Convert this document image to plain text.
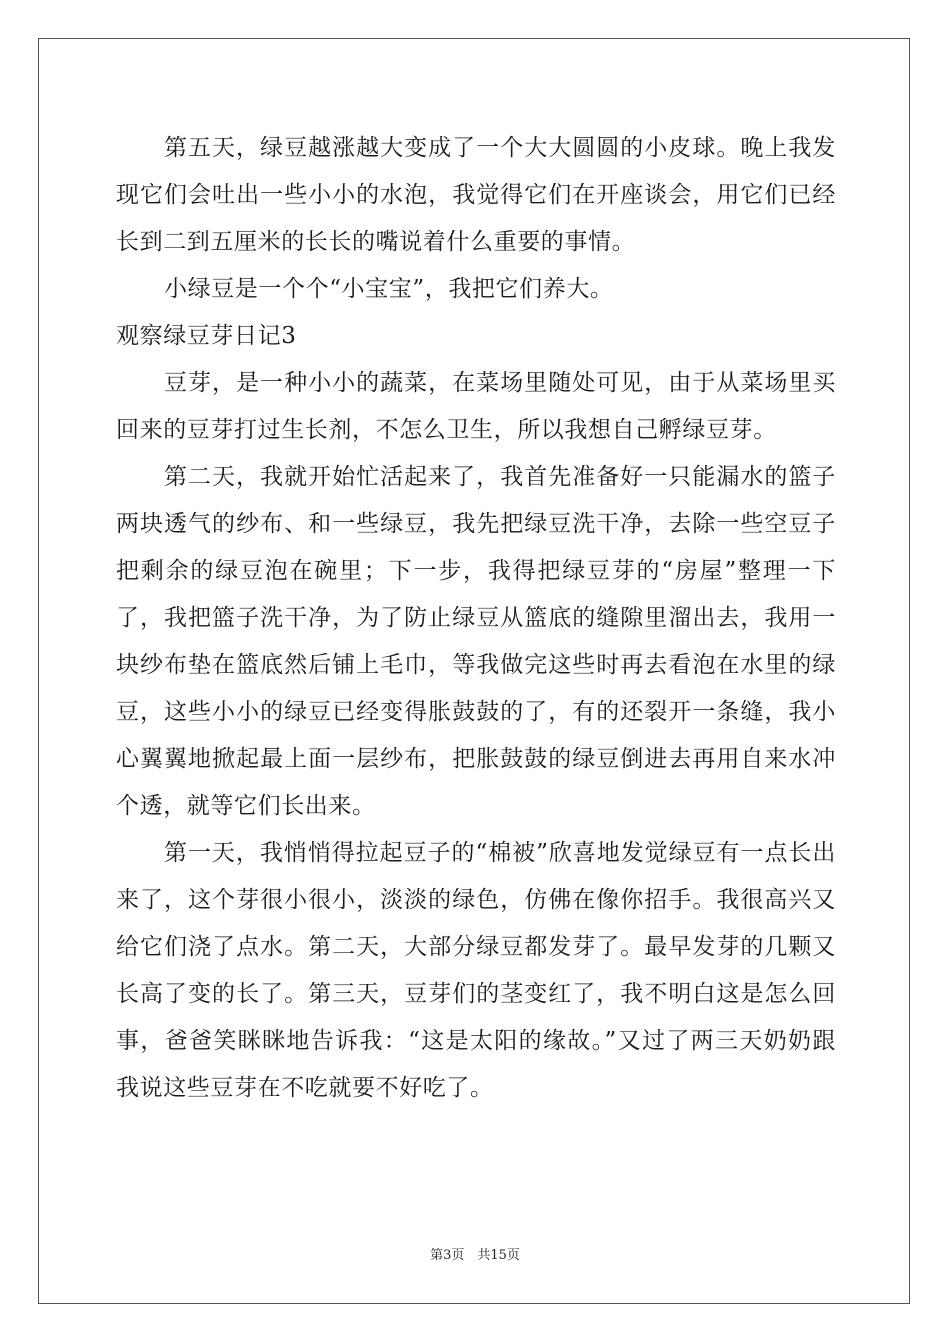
第五天，绿豆越涨越大变成了一个大大圆圆的小皮球。晚上我发现它们会吐出一些小小的水泡，我觉得它们在开座谈会，用它们已经长到二到五厘米的长长的嘴说着什么重要的事情。

小绿豆是一个个“小宝宝”，我把它们养大。

观察绿豆芽日记3

豆芽，是一种小小的蔬菜，在菜场里随处可见，由于从菜场里买回来的豆芽打过生长剂，不怎么卫生，所以我想自己孵绿豆芽。

第二天，我就开始忙活起来了，我首先准备好一只能漏水的篮子两块透气的纱布、和一些绿豆，我先把绿豆洗干净，去除一些空豆子把剩余的绿豆泡在碗里；下一步，我得把绿豆芽的“房屋”整理一下了，我把篮子洗干净，为了防止绿豆从篮底的缝隙里溜出去，我用一块纱布垫在篮底然后铺上毛巾，等我做完这些时再去看泡在水里的绿豆，这些小小的绿豆已经变得胀鼓鼓的了，有的还裂开一条缝，我小心翼翼地掀起最上面一层纱布，把胀鼓鼓的绿豆倒进去再用自来水冲个透，就等它们长出来。

第一天，我悄悄得拉起豆子的“棉被”欣喜地发觉绿豆有一点长出来了，这个芽很小很小，淡淡的绿色，仿佛在像你招手。我很高兴又给它们浇了点水。第二天，大部分绿豆都发芽了。最早发芽的几颗又长高了变的长了。第三天，豆芽们的茎变红了，我不明白这是怎么回事，爸爸笑眯眯地告诉我：“这是太阳的缘故。”又过了两三天奶奶跟我说这些豆芽在不吃就要不好吃了。

第3页　共15页
